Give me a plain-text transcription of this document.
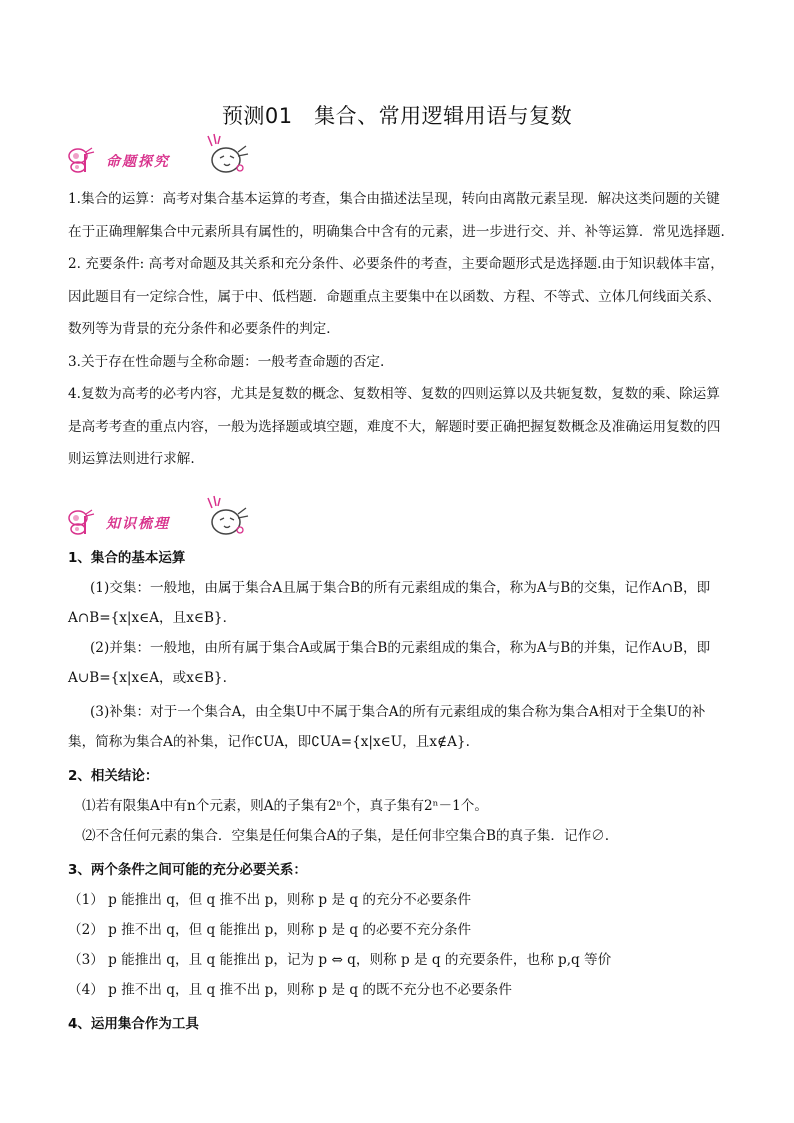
预测01　集合、常用逻辑用语与复数
命题探究

1.集合的运算：高考对集合基本运算的考查，集合由描述法呈现，转向由离散元素呈现．解决这类问题的关键在于正确理解集合中元素所具有属性的，明确集合中含有的元素，进一步进行交、并、补等运算．常见选择题.

2. 充要条件: 高考对命题及其关系和充分条件、必要条件的考查，主要命题形式是选择题.由于知识载体丰富，因此题目有一定综合性，属于中、低档题．命题重点主要集中在以函数、方程、不等式、立体几何线面关系、数列等为背景的充分条件和必要条件的判定．

3.关于存在性命题与全称命题：一般考查命题的否定.

4.复数为高考的必考内容，尤其是复数的概念、复数相等、复数的四则运算以及共轭复数，复数的乘、除运算是高考考查的重点内容，一般为选择题或填空题，难度不大，解题时要正确把握复数概念及准确运用复数的四则运算法则进行求解.

知识梳理

1、集合的基本运算

(1)交集：一般地，由属于集合A且属于集合B的所有元素组成的集合，称为A与B的交集，记作A∩B，即A∩B={x|x∈A，且x∈B}．

(2)并集：一般地，由所有属于集合A或属于集合B的元素组成的集合，称为A与B的并集，记作A∪B，即A∪B={x|x∈A，或x∈B}.

(3)补集：对于一个集合A，由全集U中不属于集合A的所有元素组成的集合称为集合A相对于全集U的补集，简称为集合A的补集，记作∁UA，即∁UA={x|x∈U，且x∉A}.

2、相关结论：

⑴若有限集A中有n个元素，则A的子集有2ⁿ个，真子集有2ⁿ－1个。

⑵不含任何元素的集合．空集是任何集合A的子集，是任何非空集合B的真子集．记作∅.

3、两个条件之间可能的充分必要关系：

（1） p 能推出 q，但 q 推不出 p，则称 p 是 q 的充分不必要条件

（2） p 推不出 q，但 q 能推出 p，则称 p 是 q 的必要不充分条件

（3） p 能推出 q，且 q 能推出 p，记为 p ⇔ q，则称 p 是 q 的充要条件，也称 p,q 等价

（4） p 推不出 q，且 q 推不出 p，则称 p 是 q 的既不充分也不必要条件

4、运用集合作为工具
